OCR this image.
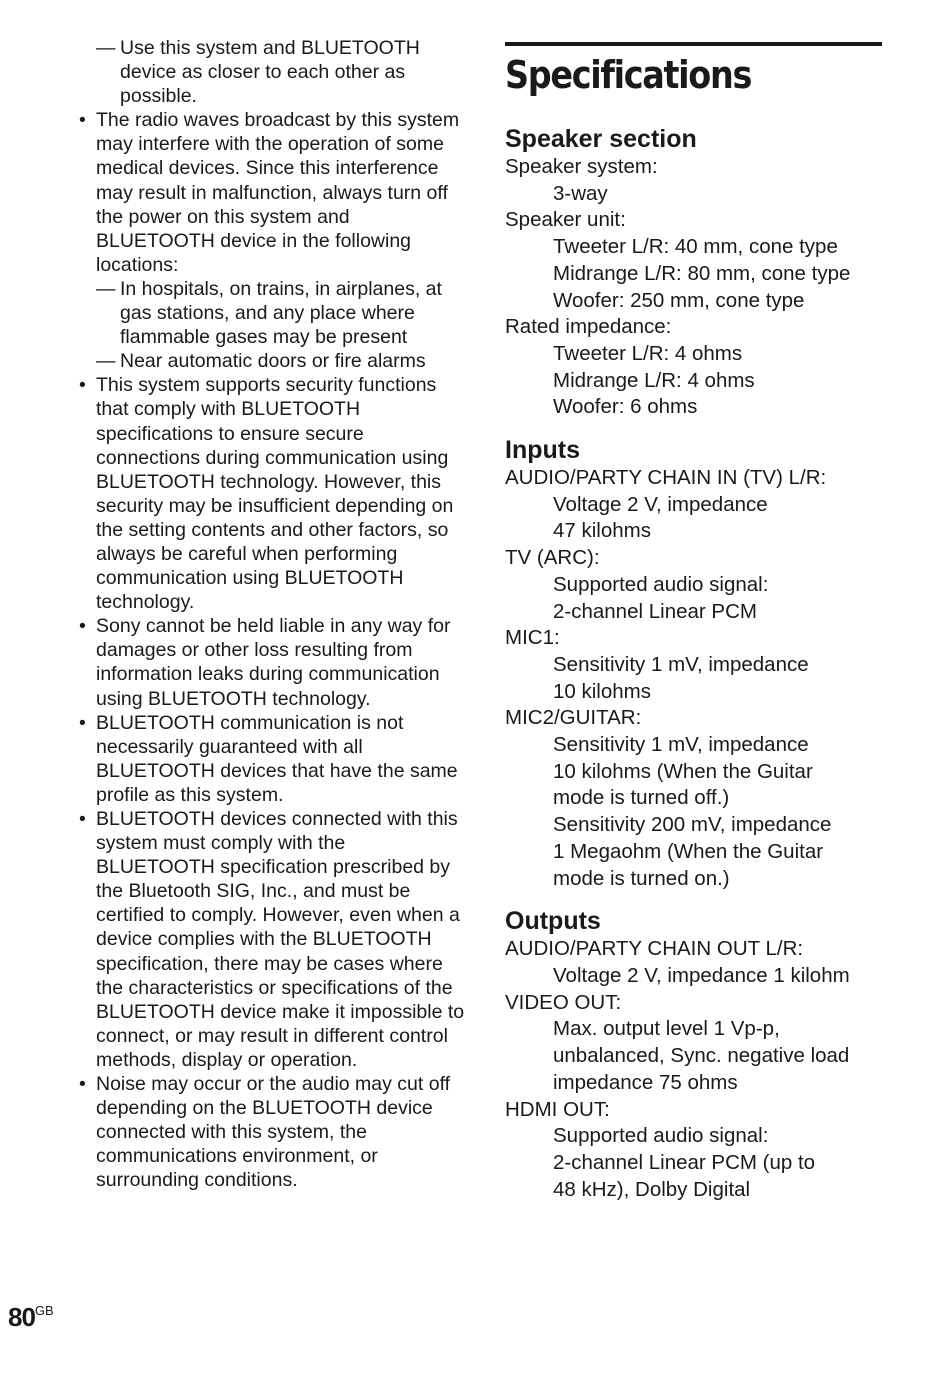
— Use this system and BLUETOOTH device as closer to each other as possible.
• The radio waves broadcast by this system may interfere with the operation of some medical devices. Since this interference may result in malfunction, always turn off the power on this system and BLUETOOTH device in the following locations:
— In hospitals, on trains, in airplanes, at gas stations, and any place where flammable gases may be present
— Near automatic doors or fire alarms
• This system supports security functions that comply with BLUETOOTH specifications to ensure secure connections during communication using BLUETOOTH technology. However, this security may be insufficient depending on the setting contents and other factors, so always be careful when performing communication using BLUETOOTH technology.
• Sony cannot be held liable in any way for damages or other loss resulting from information leaks during communication using BLUETOOTH technology.
• BLUETOOTH communication is not necessarily guaranteed with all BLUETOOTH devices that have the same profile as this system.
• BLUETOOTH devices connected with this system must comply with the BLUETOOTH specification prescribed by the Bluetooth SIG, Inc., and must be certified to comply. However, even when a device complies with the BLUETOOTH specification, there may be cases where the characteristics or specifications of the BLUETOOTH device make it impossible to connect, or may result in different control methods, display or operation.
• Noise may occur or the audio may cut off depending on the BLUETOOTH device connected with this system, the communications environment, or surrounding conditions.
Specifications
Speaker section
Speaker system:
3-way
Speaker unit:
Tweeter L/R: 40 mm, cone type
Midrange L/R: 80 mm, cone type
Woofer: 250 mm, cone type
Rated impedance:
Tweeter L/R: 4 ohms
Midrange L/R: 4 ohms
Woofer: 6 ohms
Inputs
AUDIO/PARTY CHAIN IN (TV) L/R:
Voltage 2 V, impedance
47 kilohms
TV (ARC):
Supported audio signal:
2-channel Linear PCM
MIC1:
Sensitivity 1 mV, impedance
10 kilohms
MIC2/GUITAR:
Sensitivity 1 mV, impedance
10 kilohms (When the Guitar
mode is turned off.)
Sensitivity 200 mV, impedance
1 Megaohm (When the Guitar
mode is turned on.)
Outputs
AUDIO/PARTY CHAIN OUT L/R:
Voltage 2 V, impedance 1 kilohm
VIDEO OUT:
Max. output level 1 Vp-p,
unbalanced, Sync. negative load
impedance 75 ohms
HDMI OUT:
Supported audio signal:
2-channel Linear PCM (up to
48 kHz), Dolby Digital
$80^{GB}$
